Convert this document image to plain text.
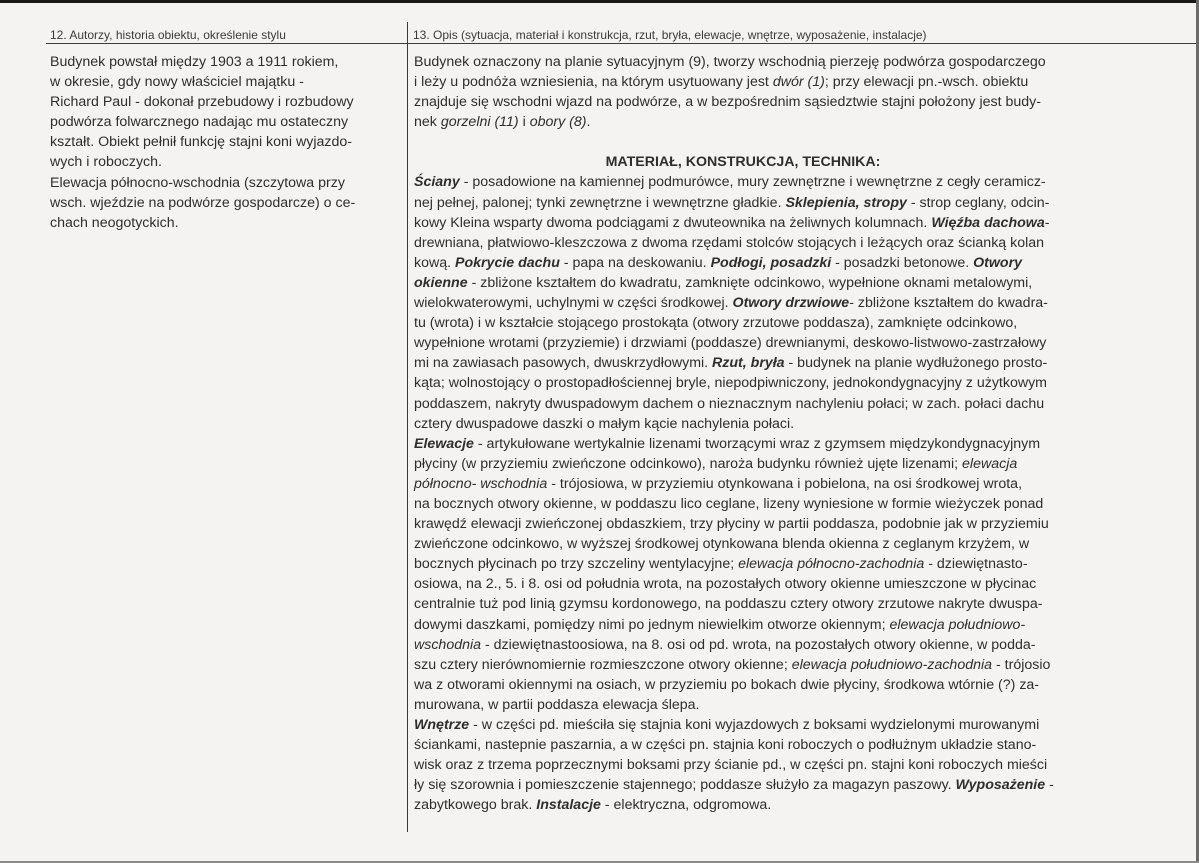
12. Autorzy, historia obiektu, określenie stylu	13. Opis (sytuacja, materiał i konstrukcja, rzut, bryła, elewacje, wnętrze, wyposażenie, instalacje)
Budynek powstał między 1903 a 1911 rokiem,
w okresie, gdy nowy właściciel majątku -
Richard Paul - dokonał przebudowy i rozbudowy
podwórza folwarcznego nadając mu ostateczny
kształt. Obiekt pełnił funkcję stajni koni wyjazdo-
wych i roboczych.
Elewacja północno-wschodnia (szczytowa przy
wsch. wjeździe na podwórze gospodarcze) o ce-
chach neogotyckich.
Budynek oznaczony na planie sytuacyjnym (9), tworzy wschodnią pierzeję podwórza gospodarczego
i leży u podnóża wzniesienia, na którym usytuowany jest dwór (1); przy elewacji pn.-wsch. obiektu
znajduje się wschodni wjazd na podwórze, a w bezpośrednim sąsiedztwie stajni położony jest budy-
nek gorzelni (11) i obory (8).
MATERIAŁ, KONSTRUKCJA, TECHNIKA:
Ściany - posadowione na kamiennej podmurówce, mury zewnętrzne i wewnętrzne z cegły ceramicz-
nej pełnej, palonej; tynki zewnętrzne i wewnętrzne gładkie. Sklepienia, stropy - strop ceglany, odcin-
kowy Kleina wsparty dwoma podciągami z dwuteownika na żeliwnych kolumnach. Więźba dachowa-
drewniana, płatwiowo-kleszczowa z dwoma rzędami stolców stojących i leżących oraz ścianką kolan
kową. Pokrycie dachu - papa na deskowaniu. Podłogi, posadzki - posadzki betonowe. Otwory
okienne - zbliżone kształtem do kwadratu, zamknięte odcinkowo, wypełnione oknami metalowymi,
wielokwaterowymi, uchylnymi w części środkowej. Otwory drzwiowe- zbliżone kształtem do kwadra-
tu (wrota) i w kształcie stojącego prostokąta (otwory zrzutowe poddasza), zamknięte odcinkowo,
wypełnione wrotami (przyziemie) i drzwiami (poddasze) drewnianymi, deskowo-listwowo-zastrzałowy
mi na zawiasach pasowych, dwuskrzydłowymi. Rzut, bryła - budynek na planie wydłużonego prosto-
kąta; wolnostojący o prostopadłościennej bryle, niepodpiwniczony, jednokondygnacyjny z użytkowym
poddaszem, nakryty dwuspadowym dachem o nieznacznym nachyleniu połaci; w zach. połaci dachu
cztery dwuspadowe daszki o małym kącie nachylenia połaci.
Elewacje - artykułowane wertykalnie lizenami tworzącymi wraz z gzymsem międzykondygnacyjnym
płyciny (w przyziemiu zwieńczone odcinkowo), naroża budynku również ujęte lizenami; elewacja
północno- wschodnia - trójosiowa, w przyziemiu otynkowana i pobielona, na osi środkowej wrota,
na bocznych otwory okienne, w poddaszu lico ceglane, lizeny wyniesione w formie wieżyczek ponad
krawędź elewacji zwieńczonej obdaszkiem, trzy płyciny w partii poddasza, podobnie jak w przyziemiu
zwieńczone odcinkowo, w wyższej środkowej otynkowana blenda okienna z ceglanym krzyżem, w
bocznych płycinach po trzy szczeliny wentylacyjne; elewacja północno-zachodnia - dziewiętnasto-
osiowa, na 2., 5. i 8. osi od południa wrota, na pozostałych otwory okienne umieszczone w płycinac
centralnie tuż pod linią gzymsu kordonowego, na poddaszu cztery otwory zrzutowe nakryte dwuspa-
dowymi daszkami, pomiędzy nimi po jednym niewielkim otworze okiennym; elewacja południowo-
wschodnia - dziewiętnastoosiowa, na 8. osi od pd. wrota, na pozostałych otwory okienne, w podda-
szu cztery nierównomiernie rozmieszczone otwory okienne; elewacja południowo-zachodnia - trójosio
wa z otworami okiennymi na osiach, w przyziemiu po bokach dwie płyciny, środkowa wtórnie (?) za-
murowana, w partii poddasza elewacja ślepa.
Wnętrze - w części pd. mieściła się stajnia koni wyjazdowych z boksami wydzielonymi murowanymi
ściankami, nastepnie paszarnia, a w części pn. stajnia koni roboczych o podłużnym układzie stano-
wisk oraz z trzema poprzecznymi boksami przy ścianie pd., w części pn. stajni koni roboczych mieści
ły się szorownia i pomieszczenie stajennego; poddasze służyło za magazyn paszowy. Wyposażenie -
zabytkowego brak. Instalacje - elektryczna, odgromowa.
